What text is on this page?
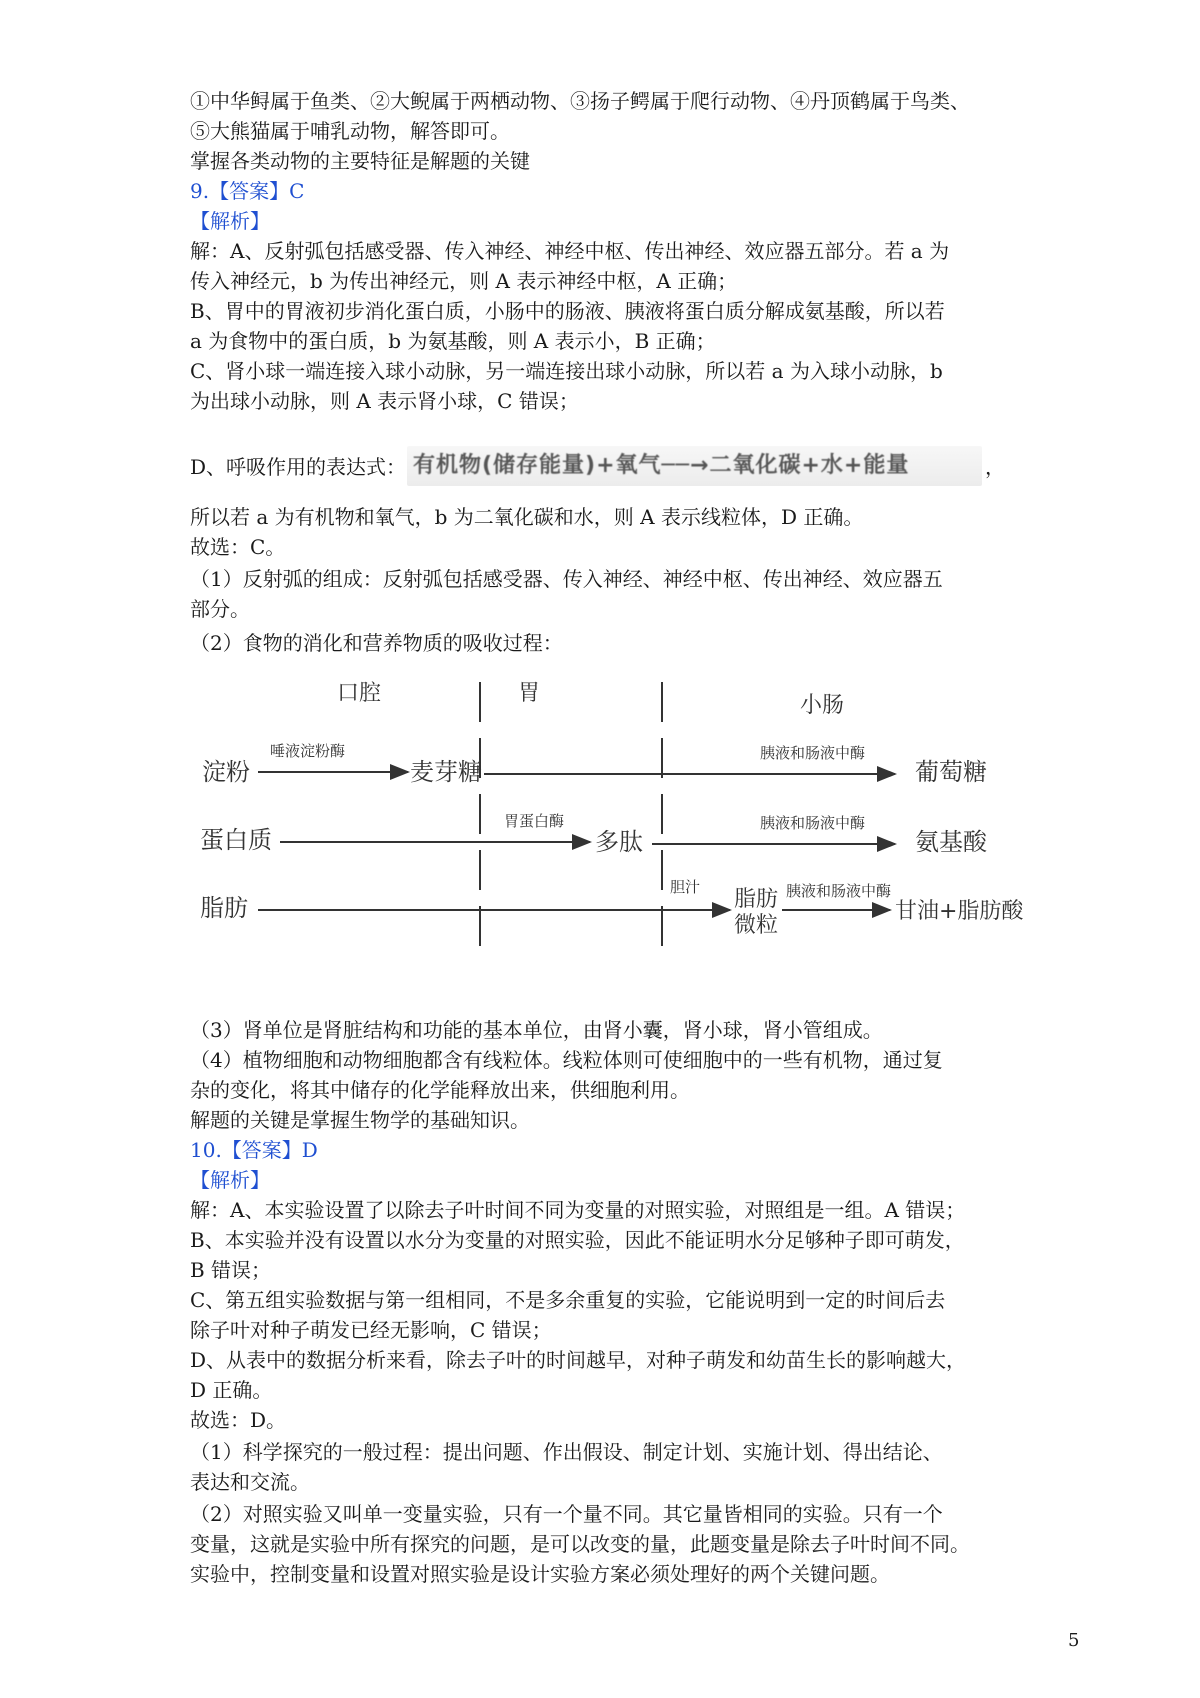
①中华鲟属于鱼类、②大鲵属于两栖动物、③扬子鳄属于爬行动物、④丹顶鹤属于鸟类、
⑤大熊猫属于哺乳动物，解答即可。
掌握各类动物的主要特征是解题的关键
9.【答案】C
【解析】
解：A、反射弧包括感受器、传入神经、神经中枢、传出神经、效应器五部分。若 a 为
传入神经元，b 为传出神经元，则 A 表示神经中枢，A 正确；
B、胃中的胃液初步消化蛋白质，小肠中的肠液、胰液将蛋白质分解成氨基酸，所以若
a 为食物中的蛋白质，b 为氨基酸，则 A 表示小，B 正确；
C、肾小球一端连接入球小动脉，另一端连接出球小动脉，所以若 a 为入球小动脉，b
为出球小动脉，则 A 表示肾小球，C 错误；
D、呼吸作用的表达式： 有机物(储存能量)+氧气──→二氧化碳+水+能量	，
所以若 a 为有机物和氧气，b 为二氧化碳和水，则 A 表示线粒体，D 正确。
故选：C。
（1）反射弧的组成：反射弧包括感受器、传入神经、神经中枢、传出神经、效应器五
部分。
（2）食物的消化和营养物质的吸收过程：
口腔	胃	小肠
淀粉
唾液淀粉酶
麦芽糖
胰液和肠液中酶
葡萄糖
蛋白质
胃蛋白酶
多肽
胰液和肠液中酶
氨基酸
脂肪
胆汁 脂肪
微粒
胰液和肠液中酶
甘油+脂肪酸
（3）肾单位是肾脏结构和功能的基本单位，由肾小囊，肾小球，肾小管组成。
（4）植物细胞和动物细胞都含有线粒体。线粒体则可使细胞中的一些有机物，通过复
杂的变化，将其中储存的化学能释放出来，供细胞利用。
解题的关键是掌握生物学的基础知识。
10.【答案】D
【解析】
解：A、本实验设置了以除去子叶时间不同为变量的对照实验，对照组是一组。A 错误；
B、本实验并没有设置以水分为变量的对照实验，因此不能证明水分足够种子即可萌发，
B 错误；
C、第五组实验数据与第一组相同，不是多余重复的实验，它能说明到一定的时间后去
除子叶对种子萌发已经无影响，C 错误；
D、从表中的数据分析来看，除去子叶的时间越早，对种子萌发和幼苗生长的影响越大，
D 正确。
故选：D。
（1）科学探究的一般过程：提出问题、作出假设、制定计划、实施计划、得出结论、
表达和交流。
（2）对照实验又叫单一变量实验，只有一个量不同。其它量皆相同的实验。只有一个
变量，这就是实验中所有探究的问题，是可以改变的量，此题变量是除去子叶时间不同。
实验中，控制变量和设置对照实验是设计实验方案必须处理好的两个关键问题。
5
